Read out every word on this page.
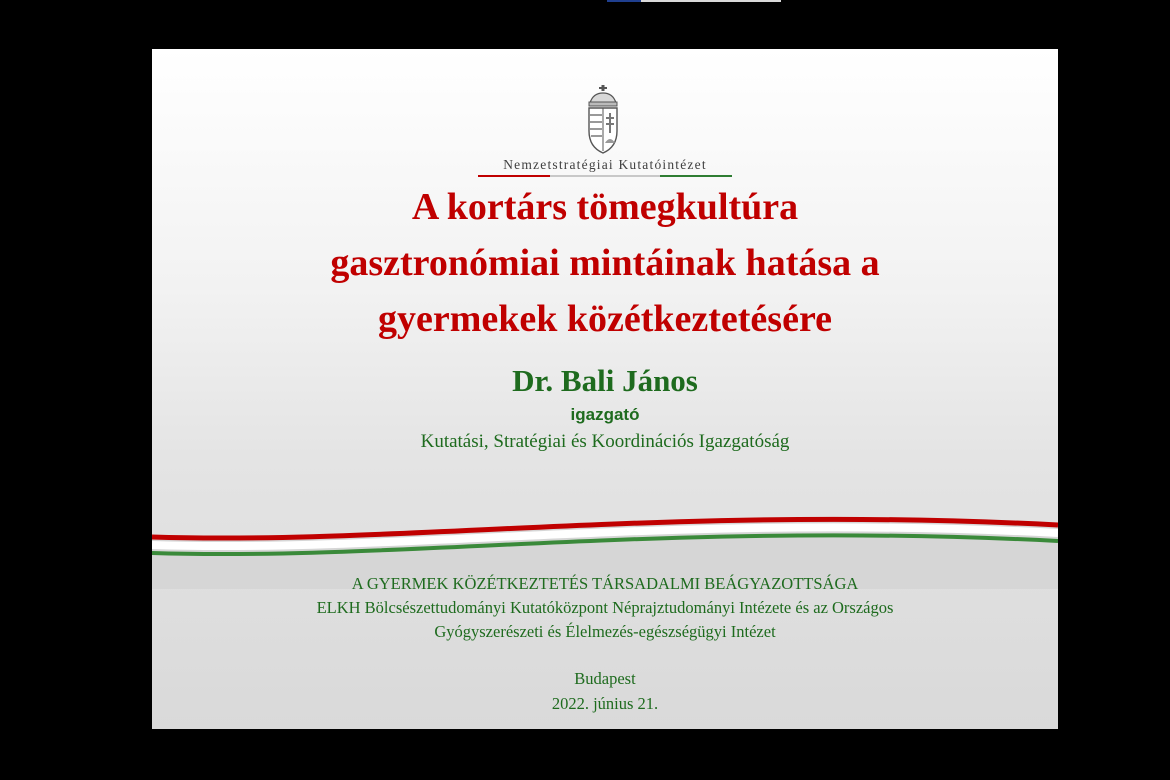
Nemzetstratégiai Kutatóintézet
A kortárs tömegkultúra
gasztronómiai mintáinak hatása a
gyermekek közétkeztetésére
Dr. Bali János
igazgató
Kutatási, Stratégiai és Koordinációs Igazgatóság
A GYERMEK KÖZÉTKEZTETÉS TÁRSADALMI BEÁGYAZOTTSÁGA
ELKH Bölcsészettudományi Kutatóközpont Néprajztudományi Intézete és az Országos
Gyógyszerészeti és Élelmezés-egészségügyi Intézet
Budapest
2022. június 21.
